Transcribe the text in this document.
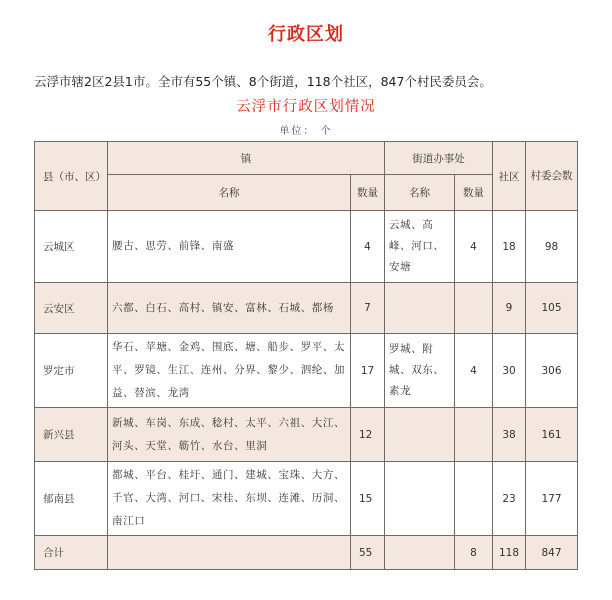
行政区划
云浮市辖2区2县1市。全市有55个镇、8个街道，118个社区，847个村民委员会。
云浮市行政区划情况
单位： 个
县（市、区）	镇		街道办事处		社区	村委会数
	名称	数量	名称	数量		
云城区	腰古、思劳、前锋、南盛	4	云城、高峰、河口、安塘	4	18	98
云安区	六都、白石、高村、镇安、富林、石城、都杨	7			9	105
罗定市	华石、苹塘、金鸡、围底、塘、船步、罗平、太平、罗镜、生江、连州、分界、黎少、泗纶、加益、替滨、龙湾	17	罗城、附城、双东、素龙	4	30	306
新兴县	新城、车岗、东成、稔村、太平、六祖、大江、河头、天堂、簕竹、水台、里洞	12			38	161
郁南县	都城、平台、桂圩、通门、建城、宝珠、大方、千官、大湾、河口、宋桂、东坝、连滩、历洞、南江口	15			23	177
合计		55		8	118	847
